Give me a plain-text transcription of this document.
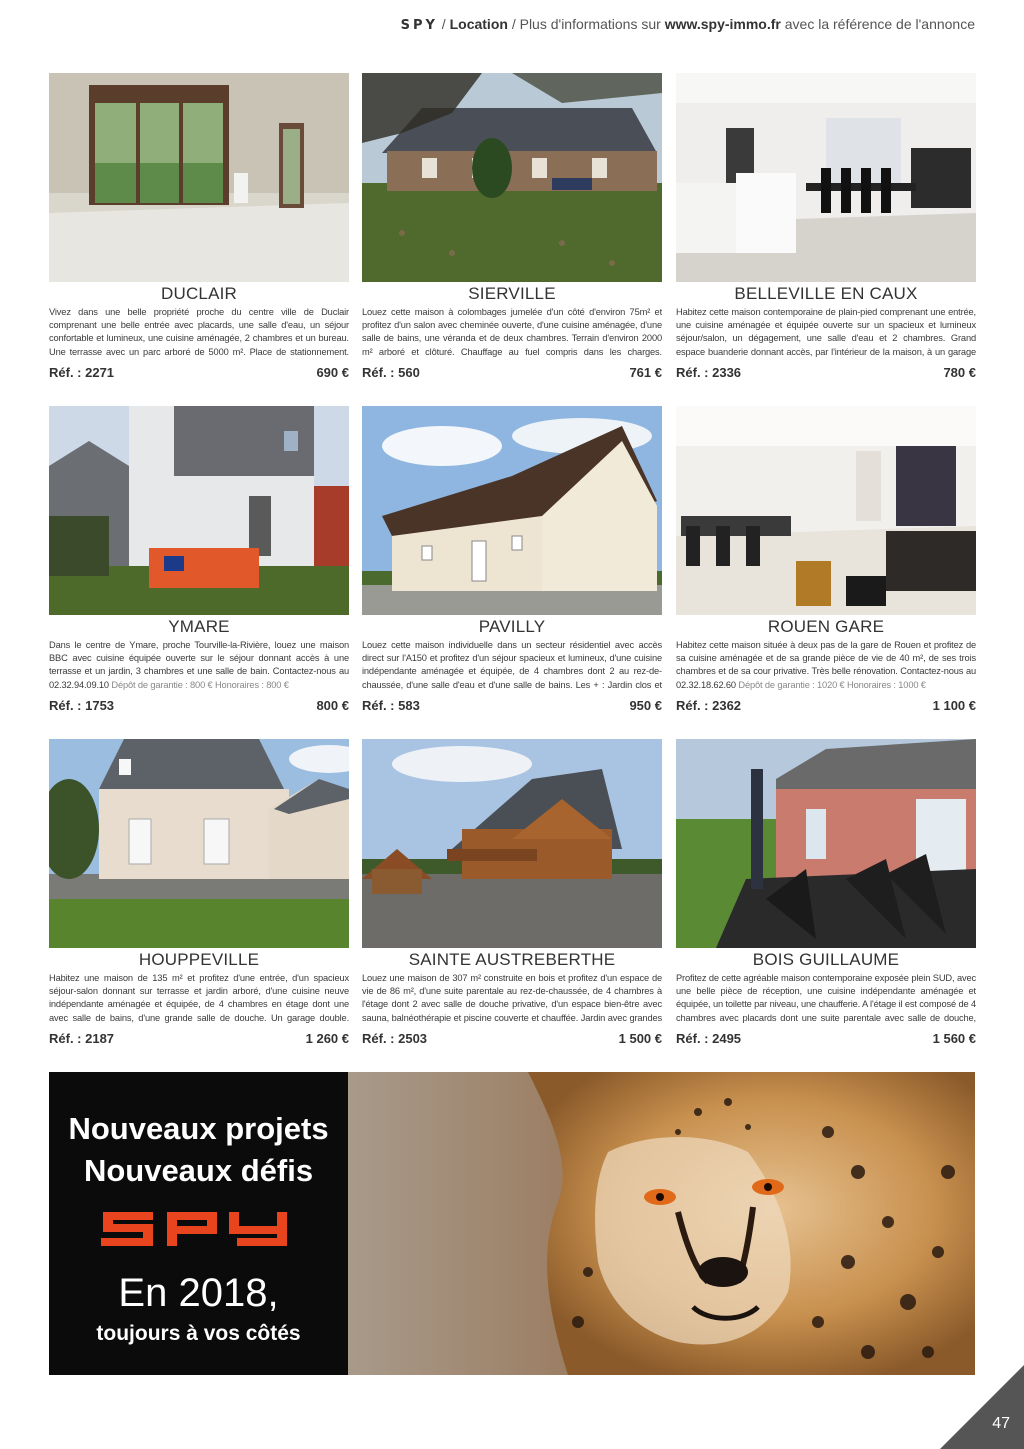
SPY / Location / Plus d'informations sur www.spy-immo.fr avec la référence de l'annonce
DUCLAIR
Vivez dans une belle propriété proche du centre ville de Duclair comprenant une belle entrée avec placards, une salle d'eau, un séjour confortable et lumineux, une cuisine aménagée, 2 chambres et un bureau. Une terrasse avec un parc arboré de 5000 m². Place de stationnement.
Réf. : 2271	690 €
SIERVILLE
Louez cette maison à colombages jumelée d'un côté d'environ 75m² et profitez d'un salon avec cheminée ouverte, d'une cuisine aménagée, d'une salle de bains, une véranda et de deux chambres. Terrain d'environ 2000 m² arboré et clôturé. Chauffage au fuel compris dans les charges.
Réf. : 560	761 €
BELLEVILLE EN CAUX
Habitez cette maison contemporaine de plain-pied comprenant une entrée, une cuisine aménagée et équipée ouverte sur un spacieux et lumineux séjour/salon, un dégagement, une salle d'eau et 2 chambres. Grand espace buanderie donnant accès, par l'intérieur de la maison, à un garage
Réf. : 2336	780 €
YMARE
Dans le centre de Ymare, proche Tourville-la-Rivière, louez une maison BBC avec cuisine équipée ouverte sur le séjour donnant accès à une terrasse et un jardin, 3 chambres et une salle de bain. Contactez-nous au 02.32.94.09.10 Dépôt de garantie : 800 € Honoraires : 800 €
Réf. : 1753	800 €
PAVILLY
Louez cette maison individuelle dans un secteur résidentiel avec accès direct sur l'A150 et profitez d'un séjour spacieux et lumineux, d'une cuisine indépendante aménagée et équipée, de 4 chambres dont 2 au rez-de-chaussée, d'une salle d'eau et d'une salle de bains. Les + : Jardin clos et
Réf. : 583	950 €
ROUEN GARE
Habitez cette maison située à deux pas de la gare de Rouen et profitez de sa cuisine aménagée et de sa grande pièce de vie de 40 m², de ses trois chambres et de sa cour privative. Très belle rénovation. Contactez-nous au 02.32.18.62.60 Dépôt de garantie : 1020 € Honoraires : 1000 €
Réf. : 2362	1 100 €
HOUPPEVILLE
Habitez une maison de 135 m² et profitez d'une entrée, d'un spacieux séjour-salon donnant sur terrasse et jardin arboré, d'une cuisine neuve indépendante aménagée et équipée, de 4 chambres en étage dont une avec salle de bains, d'une grande salle de douche. Un garage double.
Réf. : 2187	1 260 €
SAINTE AUSTREBERTHE
Louez une maison de 307 m² construite en bois et profitez d'un espace de vie de 86 m², d'une suite parentale au rez-de-chaussée, de 4 chambres à l'étage dont 2 avec salle de douche privative, d'un espace bien-être avec sauna, balnéothérapie et piscine couverte et chauffée. Jardin avec grandes
Réf. : 2503	1 500 €
BOIS GUILLAUME
Profitez de cette agréable maison contemporaine exposée plein SUD, avec une belle pièce de réception, une cuisine indépendante aménagée et équipée, un toilette par niveau, une chaufferie. A l'étage il est composé de 4 chambres avec placards dont une suite parentale avec salle de douche,
Réf. : 2495	1 560 €
Nouveaux projets
Nouveaux défis
En 2018,
toujours à vos côtés
47
